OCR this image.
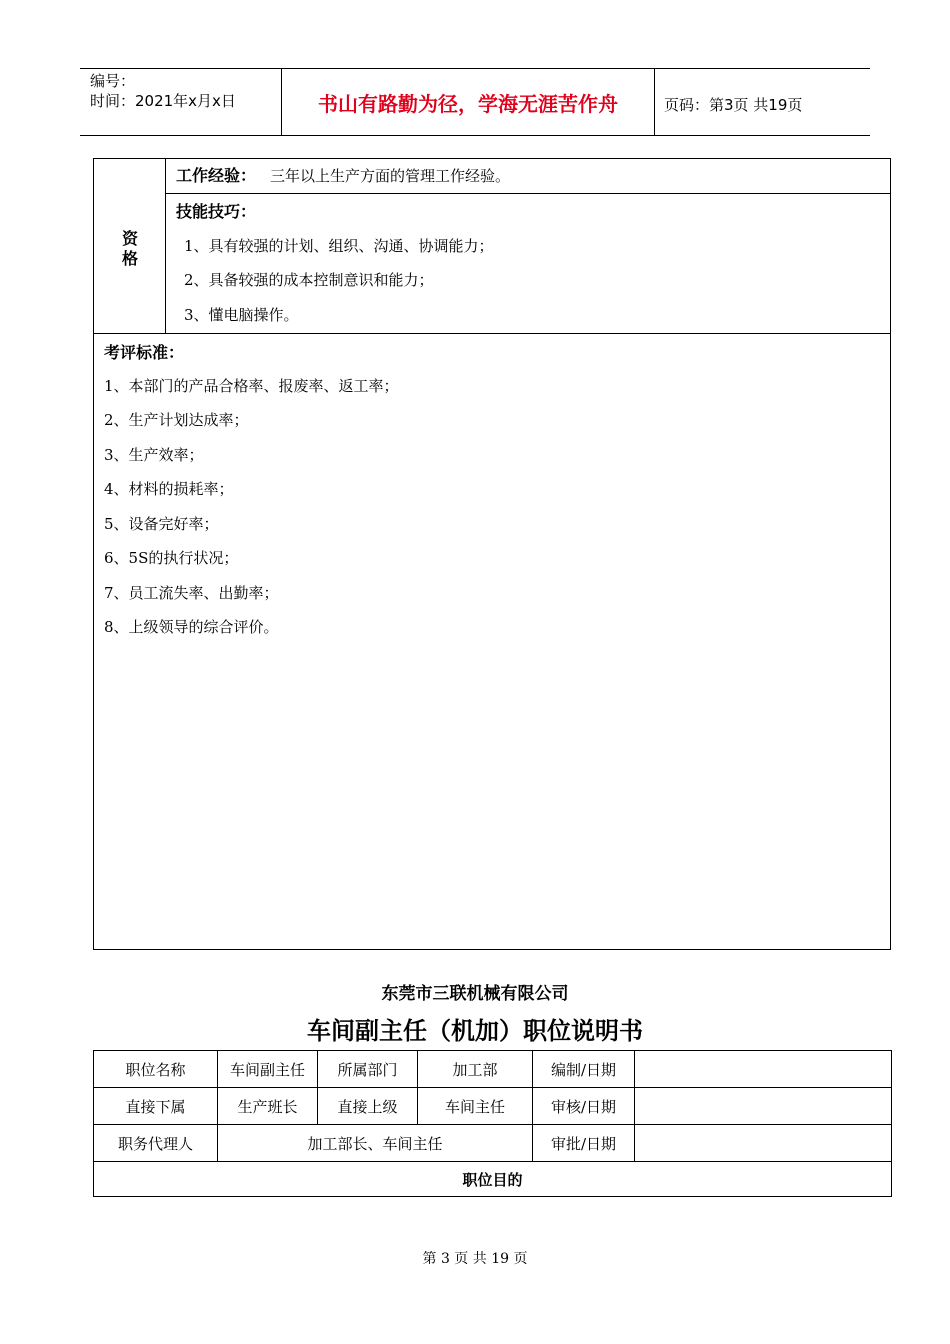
编号：
时间：2021年x月x日	书山有路勤为径，学海无涯苦作舟	页码：第3页 共19页
资
格
工作经验： 三年以上生产方面的管理工作经验。
技能技巧：
1、具有较强的计划、组织、沟通、协调能力；
2、具备较强的成本控制意识和能力；
3、懂电脑操作。
考评标准：
1、本部门的产品合格率、报废率、返工率；
2、生产计划达成率；
3、生产效率；
4、材料的损耗率；
5、设备完好率；
6、5S的执行状况；
7、员工流失率、出勤率；
8、上级领导的综合评价。
东莞市三联机械有限公司
车间副主任（机加）职位说明书
职位名称	车间副主任	所属部门	加工部	编制/日期	
直接下属	生产班长	直接上级	车间主任	审核/日期	
职务代理人	加工部长、车间主任			审批/日期	
职位目的					
第 3 页 共 19 页
